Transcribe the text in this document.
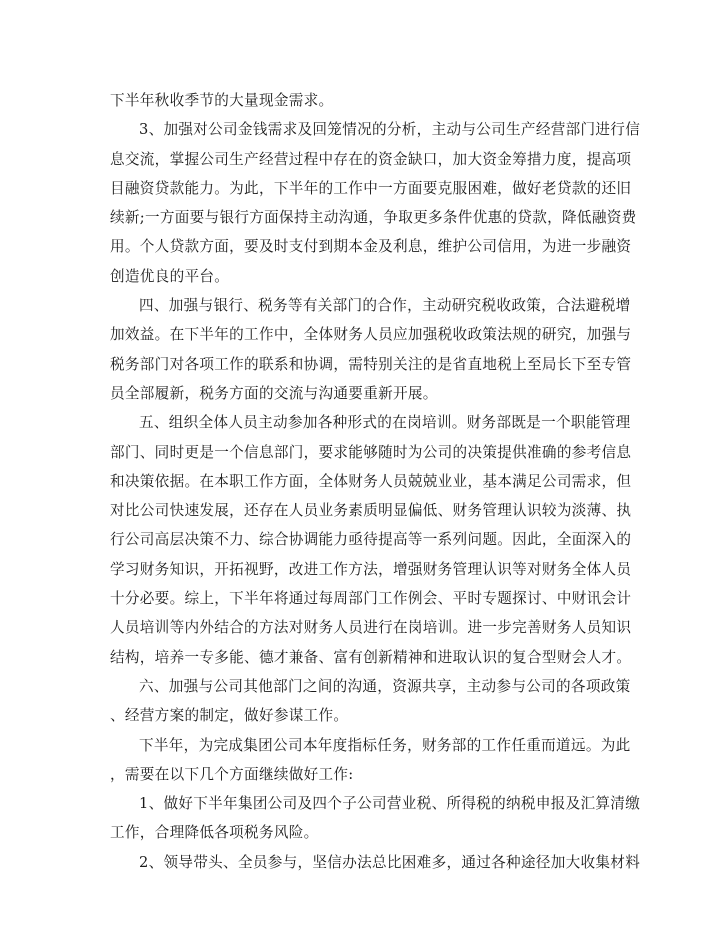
下半年秋收季节的大量现金需求。
3、加强对公司金钱需求及回笼情况的分析，主动与公司生产经营部门进行信
息交流，掌握公司生产经营过程中存在的资金缺口，加大资金筹措力度，提高项
目融资贷款能力。为此，下半年的工作中一方面要克服困难，做好老贷款的还旧
续新;一方面要与银行方面保持主动沟通，争取更多条件优惠的贷款，降低融资费
用。个人贷款方面，要及时支付到期本金及利息，维护公司信用，为进一步融资
创造优良的平台。
四、加强与银行、税务等有关部门的合作，主动研究税收政策，合法避税增
加效益。在下半年的工作中，全体财务人员应加强税收政策法规的研究，加强与
税务部门对各项工作的联系和协调，需特别关注的是省直地税上至局长下至专管
员全部履新，税务方面的交流与沟通要重新开展。
五、组织全体人员主动参加各种形式的在岗培训。财务部既是一个职能管理
部门、同时更是一个信息部门，要求能够随时为公司的决策提供准确的参考信息
和决策依据。在本职工作方面，全体财务人员兢兢业业，基本满足公司需求，但
对比公司快速发展，还存在人员业务素质明显偏低、财务管理认识较为淡薄、执
行公司高层决策不力、综合协调能力亟待提高等一系列问题。因此，全面深入的
学习财务知识，开拓视野，改进工作方法，增强财务管理认识等对财务全体人员
十分必要。综上，下半年将通过每周部门工作例会、平时专题探讨、中财讯会计
人员培训等内外结合的方法对财务人员进行在岗培训。进一步完善财务人员知识
结构，培养一专多能、德才兼备、富有创新精神和进取认识的复合型财会人才。
六、加强与公司其他部门之间的沟通，资源共享，主动参与公司的各项政策
、经营方案的制定，做好参谋工作。
下半年，为完成集团公司本年度指标任务，财务部的工作任重而道远。为此
，需要在以下几个方面继续做好工作:
1、做好下半年集团公司及四个子公司营业税、所得税的纳税申报及汇算清缴
工作，合理降低各项税务风险。
2、领导带头、全员参与，坚信办法总比困难多，通过各种途径加大收集材料
